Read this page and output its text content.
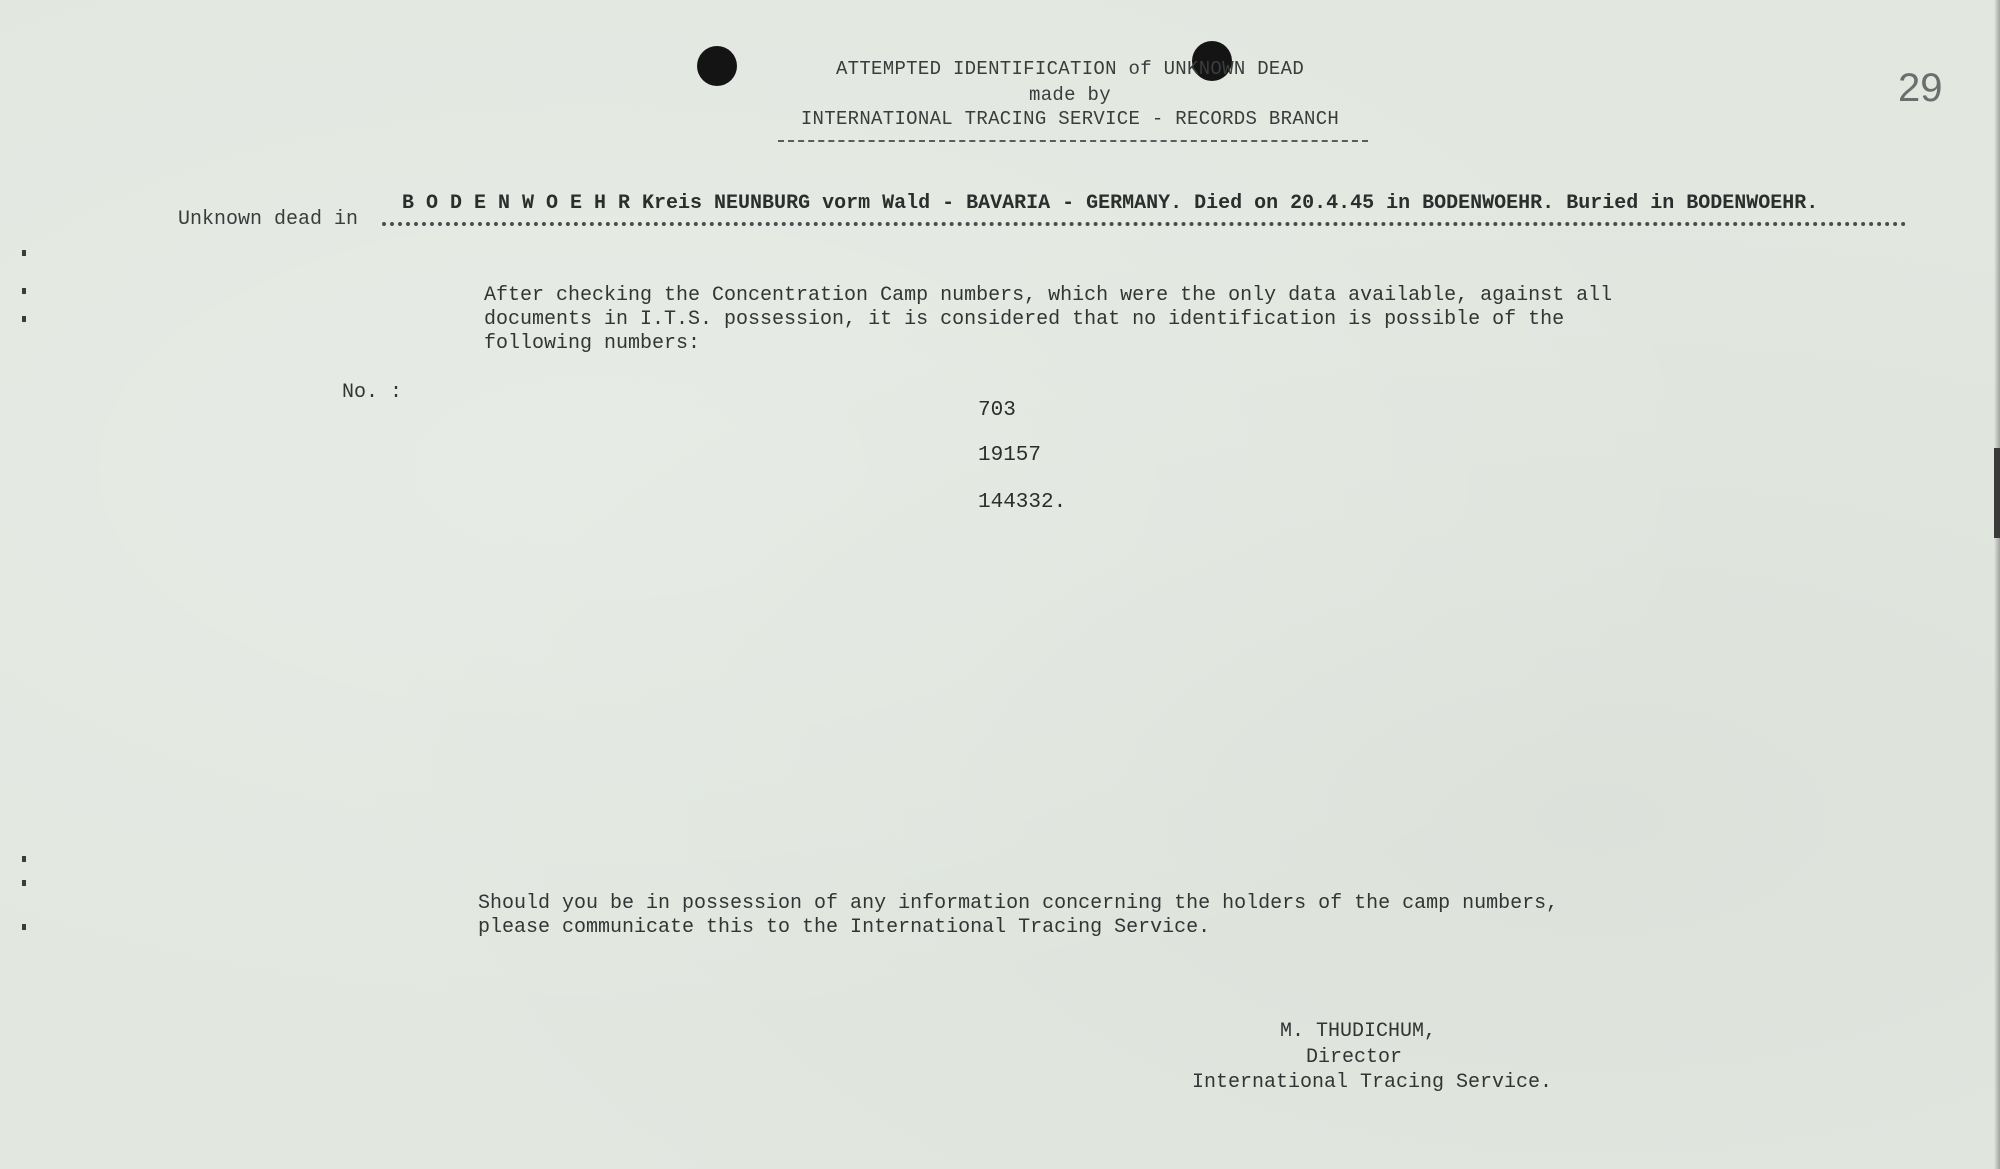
ATTEMPTED IDENTIFICATION of UNKNOWN DEAD
made by
INTERNATIONAL TRACING SERVICE - RECORDS BRANCH
29
Unknown dead in
B O D E N W O E H R Kreis NEUNBURG vorm Wald - BAVARIA - GERMANY. Died on 20.4.45 in BODENWOEHR. Buried in BODENWOEHR.
After checking the Concentration Camp numbers, which were the only data available, against all
documents in I.T.S. possession, it is considered that no identification is possible of the
following numbers:
No. :
703
19157
144332.
Should you be in possession of any information concerning the holders of the camp numbers,
please communicate this to the International Tracing Service.
M. THUDICHUM,
Director
International Tracing Service.
